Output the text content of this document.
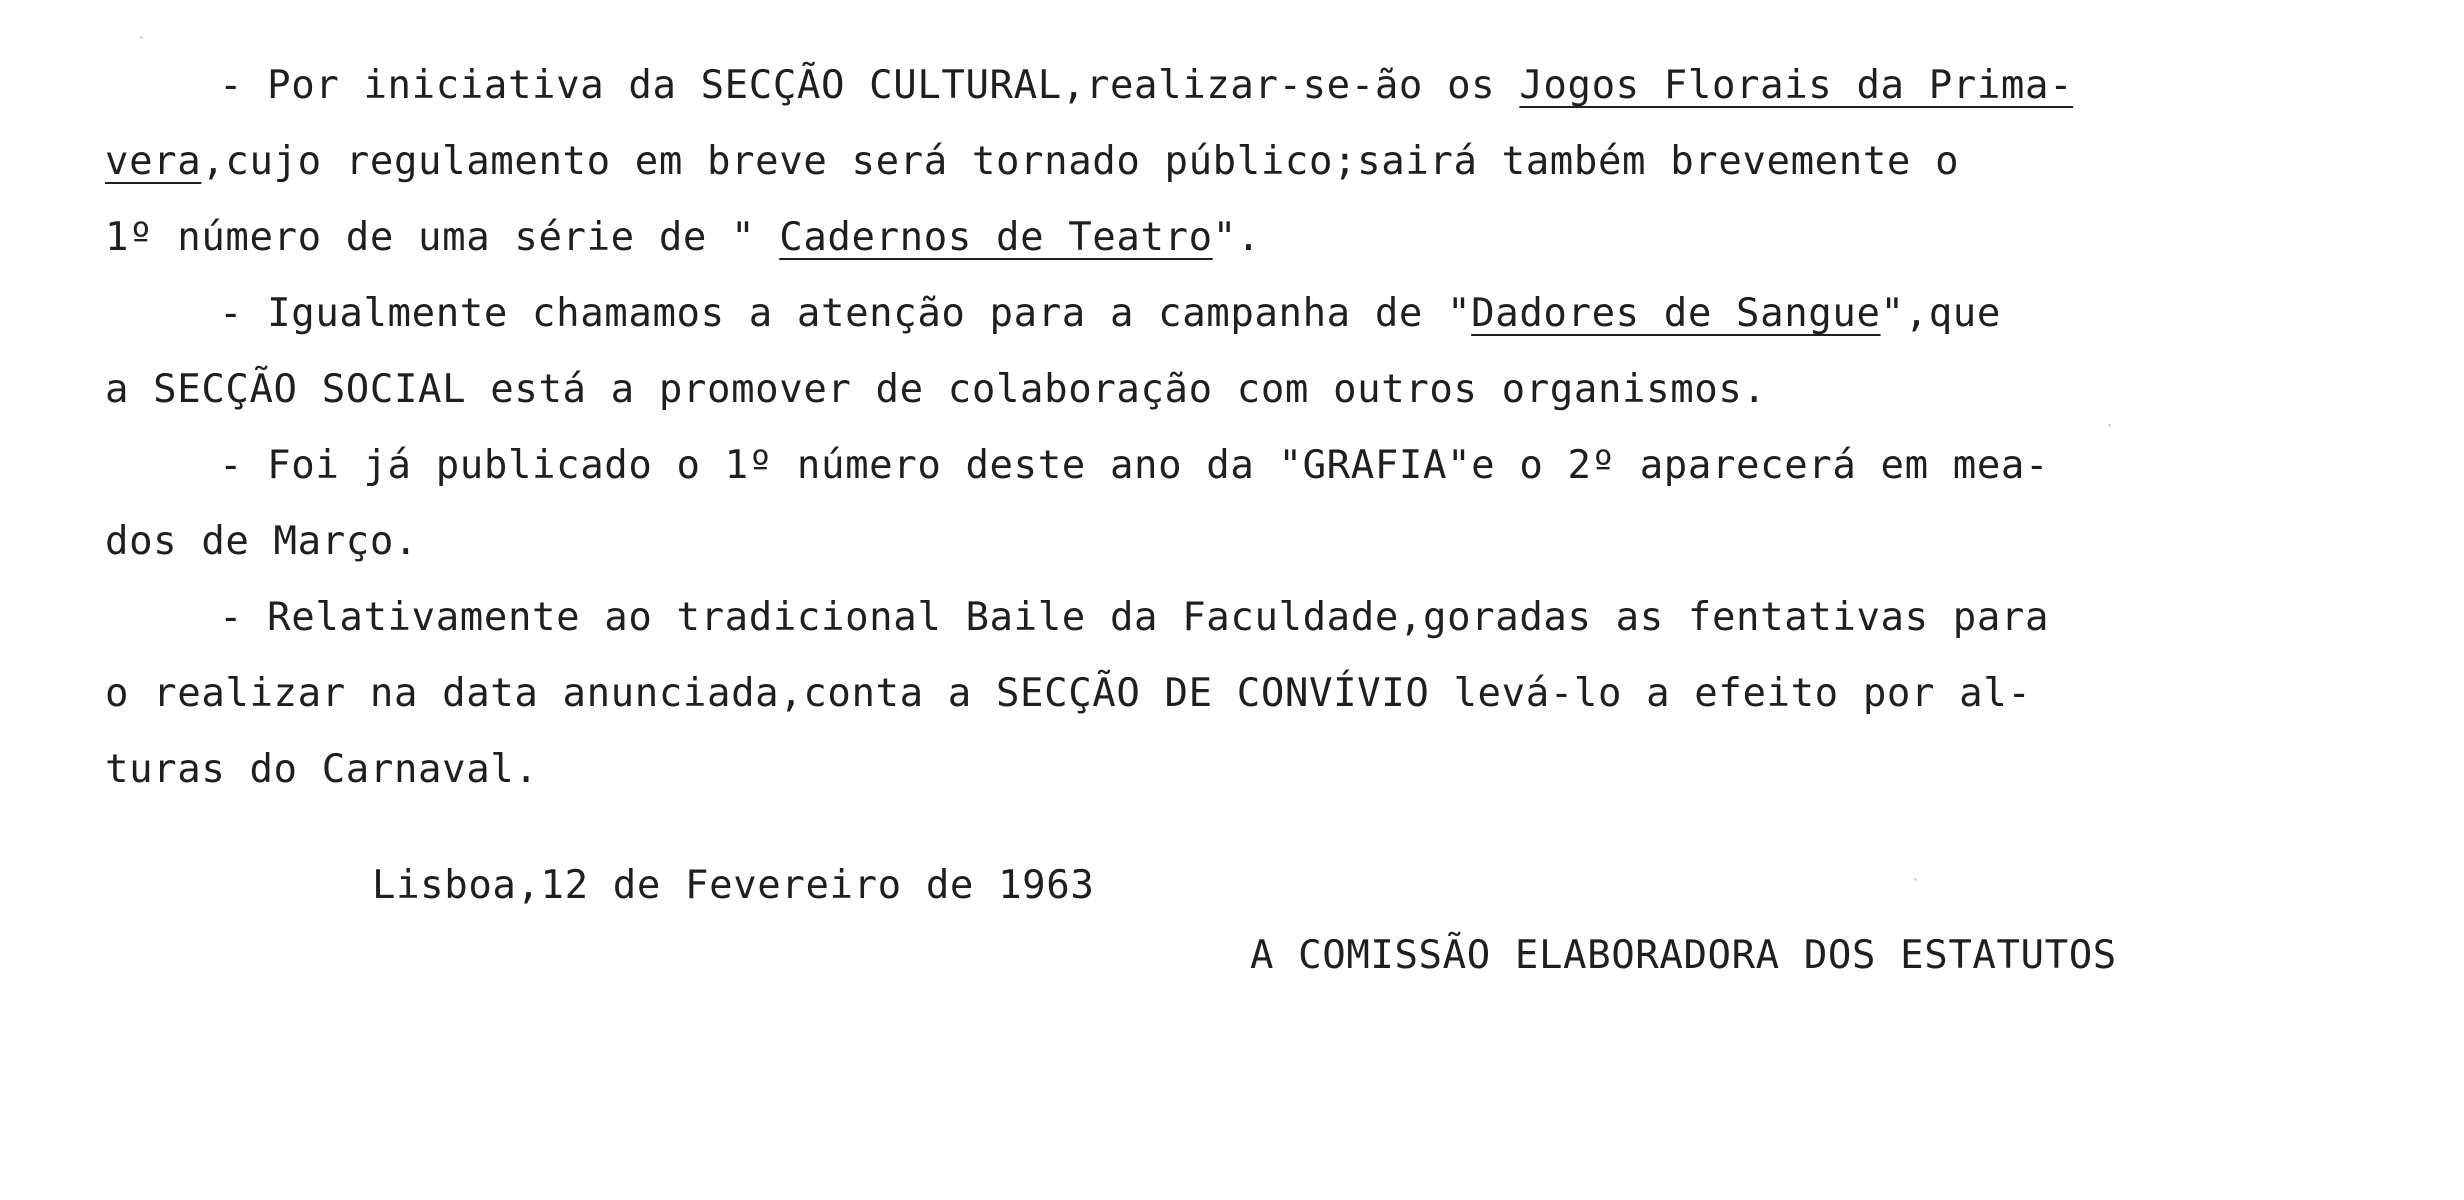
- Por iniciativa da SECÇÃO CULTURAL,realizar-se-ão os Jogos Florais da Prima-
vera,cujo regulamento em breve será tornado público;sairá também brevemente o
1º número de uma série de " Cadernos de Teatro".
- Igualmente chamamos a atenção para a campanha de "Dadores de Sangue",que
a SECÇÃO SOCIAL está a promover de colaboração com outros organismos.
- Foi já publicado o 1º número deste ano da "GRAFIA"e o 2º aparecerá em mea-
dos de Março.
- Relativamente ao tradicional Baile da Faculdade,goradas as fentativas para
o realizar na data anunciada,conta a SECÇÃO DE CONVÍVIO levá-lo a efeito por al-
turas do Carnaval.
Lisboa,12 de Fevereiro de 1963
A COMISSÃO ELABORADORA DOS ESTATUTOS
